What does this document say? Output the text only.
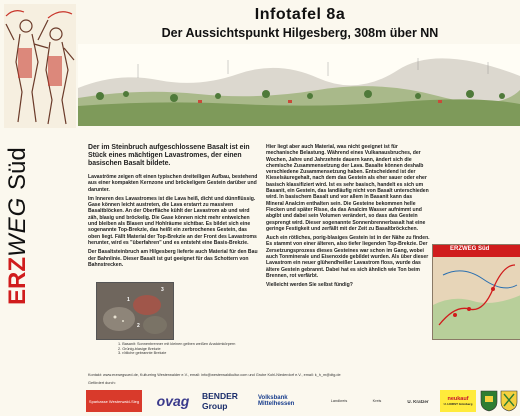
ERZWEG Süd
Infotafel 8a
Der Aussichtspunkt Hilgesberg, 308m über NN

Der im Steinbruch aufgeschlossene Basalt ist ein Stück eines mächtigen Lavastromes, der einen basischen Basalt bildete.

Lavaströme zeigen oft einen typischen dreiteiligen Aufbau, bestehend aus einer kompakten Kernzone und bröckeligem Gestein darüber und darunter.

Im Inneren des Lavastromes ist die Lava heiß, dicht und dünnflüssig. Gase können leicht austreten, die Lava erstarrt zu massiven Basaltblöcken. An der Oberfläche kühlt der Lavastrom ab und wird zäh, blasig und bröckelig. Die Gase können nicht mehr entweichen und bleiben als Blasen und Hohlräume sichtbar. Es bildet sich eine sogenannte Top-Brekzie, das heißt ein zerbrochenes Gestein, das oben liegt. Fällt Material der Top-Brekzie an der Front des Lavastroms herunter, wird es "überfahren" und es entsteht eine Basis-Brekzie.

Der Basaltsteinbruch am Hilgesberg lieferte auch Material für den Bau der Bahnlinie. Dieser Basalt ist gut geeignet für das Schottern von Bahnstrecken.

Hier liegt aber auch Material, was nicht geeignet ist für mechanische Belastung. Während eines Vulkanausbruches, der Wochen, Jahre und Jahrzehnte dauern kann, ändert sich die chemische Zusammensetzung der Lava. Basalte können deshalb verschiedene Zusammensetzung haben. Entscheidend ist der Kieselsäuregehalt, nach dem das Gestein als eher sauer oder eher basisch klassifiziert wird. Ist es sehr basisch, handelt es sich um Basanit, ein Gestein, das landläufig nicht von Basalt unterschieden wird. In basischem Basalt und vor allem in Basanit kann das Mineral Analcim enthalten sein. Die Gesteine bekommen helle Flecken und später Risse, da das Analcim Wasser aufnimmt und abgibt und dabei sein Volumen verändert, so dass das Gestein gesprengt wird. Dieser sogenannte Sonnenbrennerbasalt hat eine geringe Festigkeit und zerfällt mit der Zeit zu Basaltbröckchen.

Auch ein rötliches, porig-blasiges Gestein ist in der Nähe zu finden. Es stammt von einer älteren, also tiefer liegenden Top-Brekzie. Der Zersetzungsprozess dieses Gesteines war schon im Gang, wobei auch Tonminerale und Eisenoxide gebildet wurden. Als über dieser Lavastrom ein neuer glühendheißer Lavastrom floss, wurde das ältere Gestein gebrannt. Dabei hat es sich ähnlich wie Ton beim Brennen, rot verfärbt.

Vielleicht werden Sie selbst fündig?

1
2
3
1. Basanit: Sonnenbrenner mit kleinen gelben weißen Analcimkörpern
2. Grünig-blasige Brekzie
3. rötliche gebrannte Brekzie
ERZWEG Süd
Kontakt: www.erzwegsued.de, Kulturring Westerwalder e.V., email: info@westerwaldkultur.com und Grube Kohl-Niederdorf e.V., email: k_h_m@dtg.de
Gefördert durch:
Sparkasse Westerwald-Sieg	ovag	BENDER Group
Volksbank Mittelhessen	Landkreis	Kreis	U. Kratzer	neukauf
U. HORST Grünberg
